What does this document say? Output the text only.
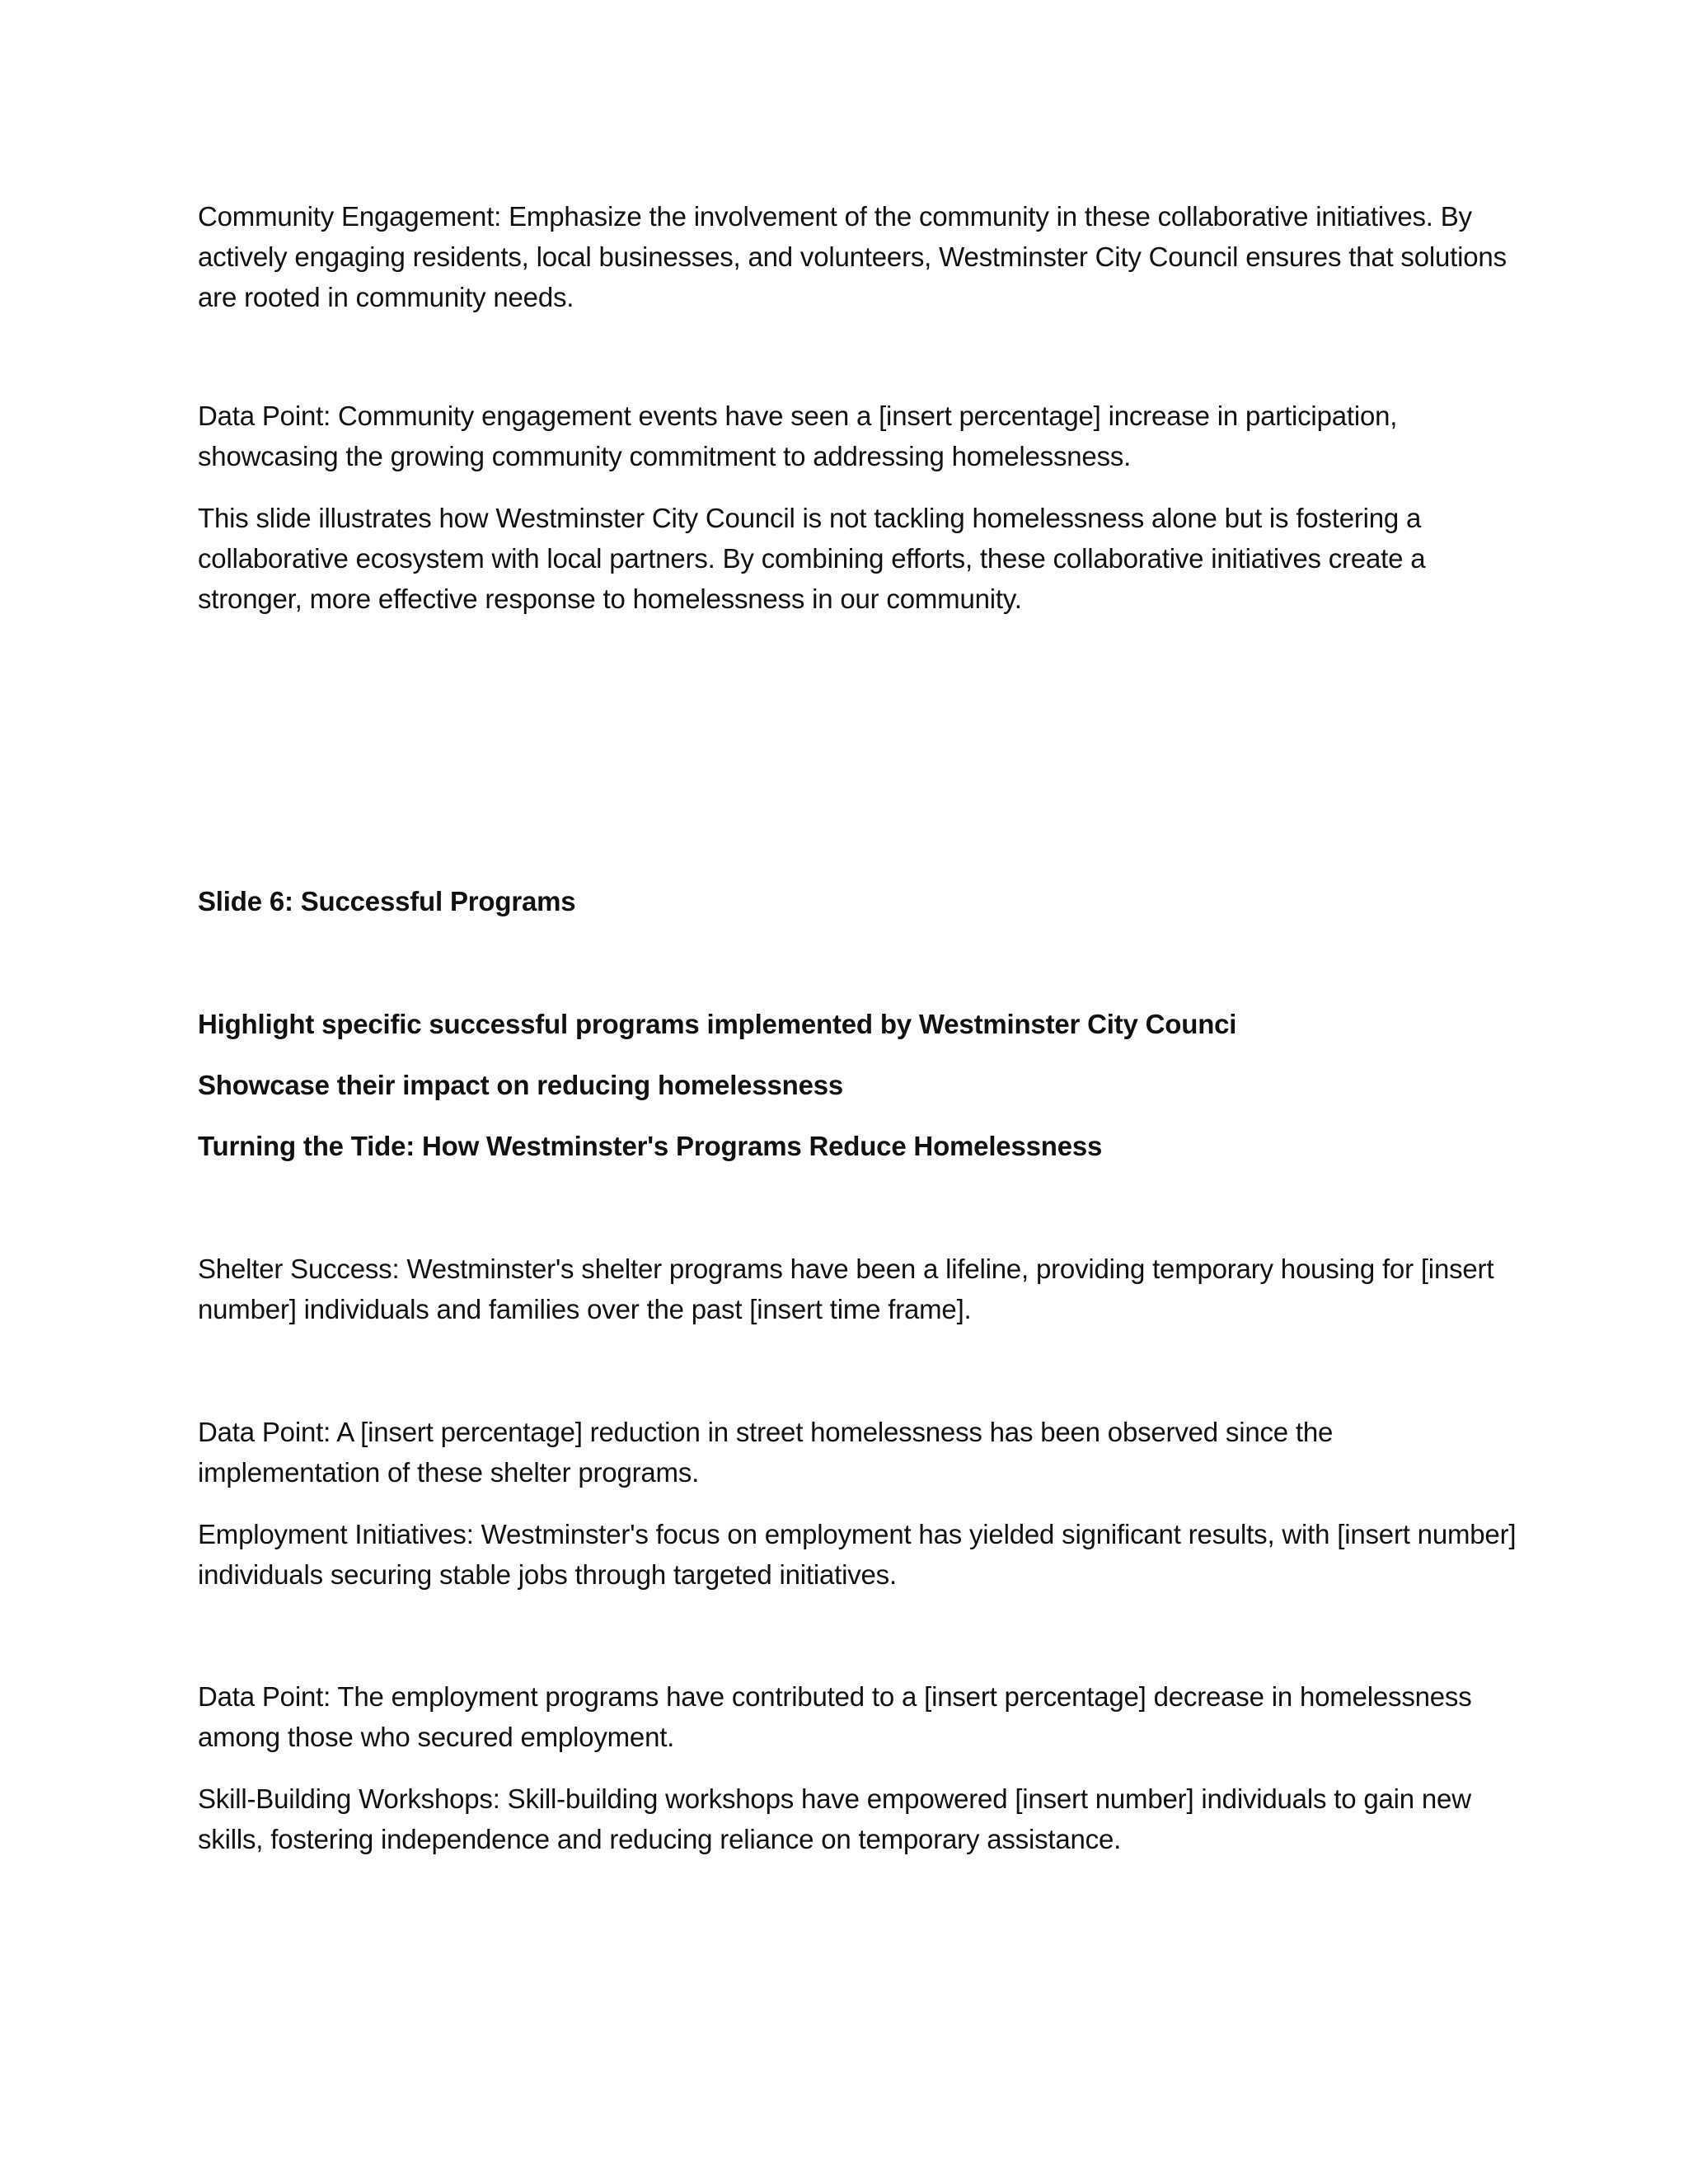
Community Engagement: Emphasize the involvement of the community in these collaborative initiatives. By actively engaging residents, local businesses, and volunteers, Westminster City Council ensures that solutions are rooted in community needs.

Data Point: Community engagement events have seen a [insert percentage] increase in participation, showcasing the growing community commitment to addressing homelessness.

This slide illustrates how Westminster City Council is not tackling homelessness alone but is fostering a collaborative ecosystem with local partners. By combining efforts, these collaborative initiatives create a stronger, more effective response to homelessness in our community.

Slide 6: Successful Programs

Highlight specific successful programs implemented by Westminster City Counci

Showcase their impact on reducing homelessness

Turning the Tide: How Westminster's Programs Reduce Homelessness

Shelter Success: Westminster's shelter programs have been a lifeline, providing temporary housing for [insert number] individuals and families over the past [insert time frame].

Data Point: A [insert percentage] reduction in street homelessness has been observed since the implementation of these shelter programs.

Employment Initiatives: Westminster's focus on employment has yielded significant results, with [insert number] individuals securing stable jobs through targeted initiatives.

Data Point: The employment programs have contributed to a [insert percentage] decrease in homelessness among those who secured employment.

Skill-Building Workshops: Skill-building workshops have empowered [insert number] individuals to gain new skills, fostering independence and reducing reliance on temporary assistance.
